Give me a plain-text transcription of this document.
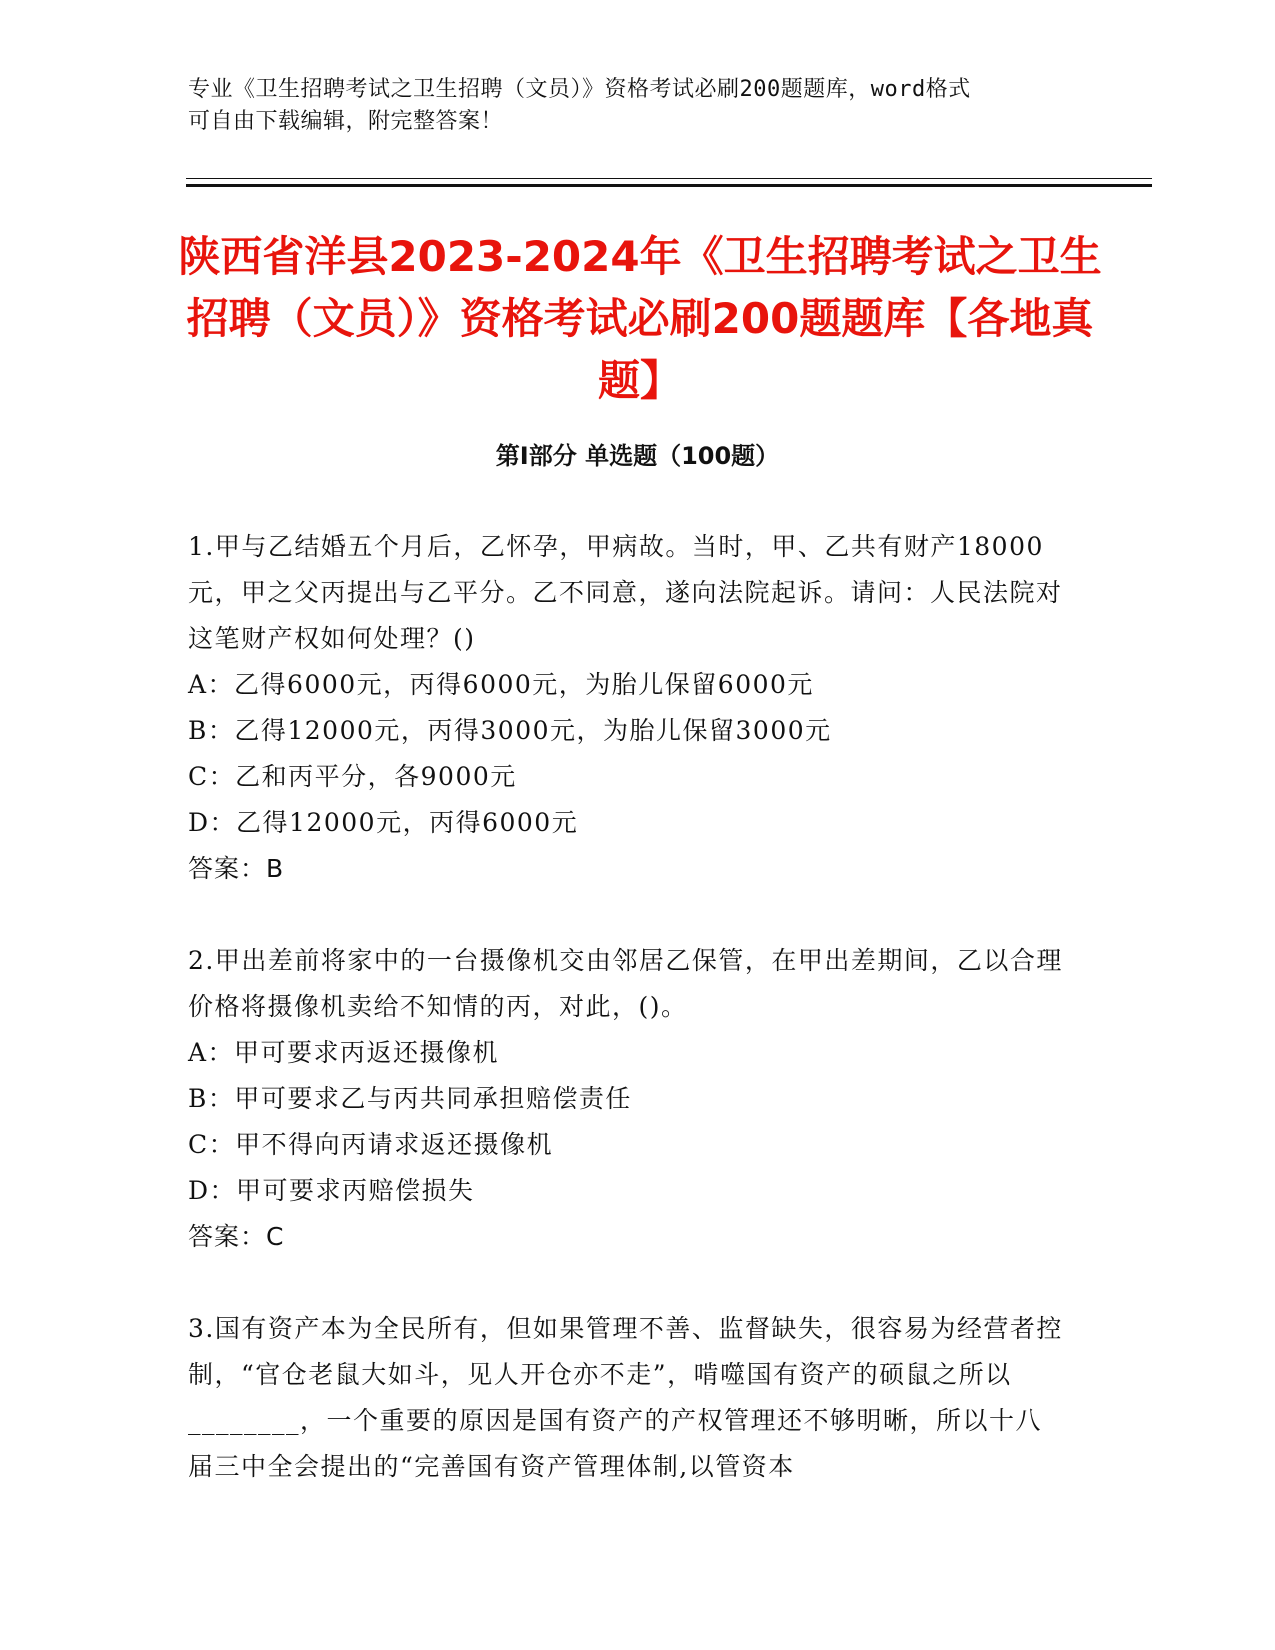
专业《卫生招聘考试之卫生招聘（文员）》资格考试必刷200题题库，word格式
可自由下载编辑，附完整答案！
陕西省洋县2023-2024年《卫生招聘考试之卫生招聘（文员）》资格考试必刷200题题库【各地真题】
第I部分 单选题（100题）

1.甲与乙结婚五个月后，乙怀孕，甲病故。当时，甲、乙共有财产18000元，甲之父丙提出与乙平分。乙不同意，遂向法院起诉。请问：人民法院对这笔财产权如何处理？()

A：乙得6000元，丙得6000元，为胎儿保留6000元

B：乙得12000元，丙得3000元，为胎儿保留3000元

C：乙和丙平分，各9000元

D：乙得12000元，丙得6000元

答案：B

2.甲出差前将家中的一台摄像机交由邻居乙保管，在甲出差期间，乙以合理价格将摄像机卖给不知情的丙，对此，()。

A：甲可要求丙返还摄像机

B：甲可要求乙与丙共同承担赔偿责任

C：甲不得向丙请求返还摄像机

D：甲可要求丙赔偿损失

答案：C

3.国有资产本为全民所有，但如果管理不善、监督缺失，很容易为经营者控制，“官仓老鼠大如斗，见人开仓亦不走”，啃噬国有资产的硕鼠之所以________，一个重要的原因是国有资产的产权管理还不够明晰，所以十八届三中全会提出的“完善国有资产管理体制,以管资本
